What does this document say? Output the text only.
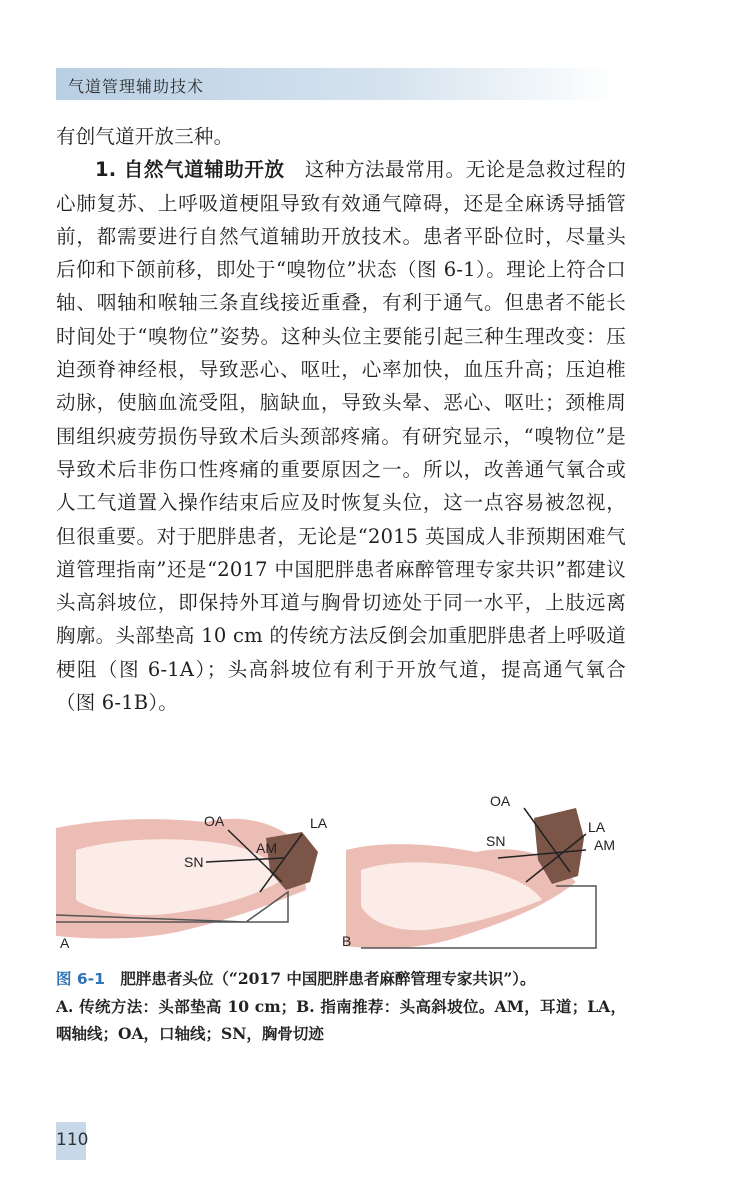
气道管理辅助技术

有创气道开放三种。

1. 自然气道辅助开放　 这种方法最常用。无论是急救过程的心肺复苏、上呼吸道梗阻导致有效通气障碍，还是全麻诱导插管前，都需要进行自然气道辅助开放技术。患者平卧位时，尽量头后仰和下颌前移，即处于“嗅物位”状态（图 6-1）。理论上符合口轴、咽轴和喉轴三条直线接近重叠，有利于通气。但患者不能长时间处于“嗅物位”姿势。这种头位主要能引起三种生理改变：压迫颈脊神经根，导致恶心、呕吐，心率加快，血压升高；压迫椎动脉，使脑血流受阻，脑缺血，导致头晕、恶心、呕吐；颈椎周围组织疲劳损伤导致术后头颈部疼痛。有研究显示，“嗅物位”是导致术后非伤口性疼痛的重要原因之一。所以，改善通气氧合或人工气道置入操作结束后应及时恢复头位，这一点容易被忽视，但很重要。对于肥胖患者，无论是“2015 英国成人非预期困难气道管理指南”还是“2017 中国肥胖患者麻醉管理专家共识”都建议头高斜坡位，即保持外耳道与胸骨切迹处于同一水平，上肢远离胸廓。头部垫高 10 cm 的传统方法反倒会加重肥胖患者上呼吸道梗阻（图 6-1A）；头高斜坡位有利于开放气道，提高通气氧合（图 6-1B）。

OA	LA
AM
SN
A
OA
LA
AM
SN
B

图 6-1　 肥胖患者头位（“2017 中国肥胖患者麻醉管理专家共识”）。

A. 传统方法：头部垫高 10 cm；B. 指南推荐：头高斜坡位。AM，耳道；LA，咽轴线；OA，口轴线；SN，胸骨切迹

110
